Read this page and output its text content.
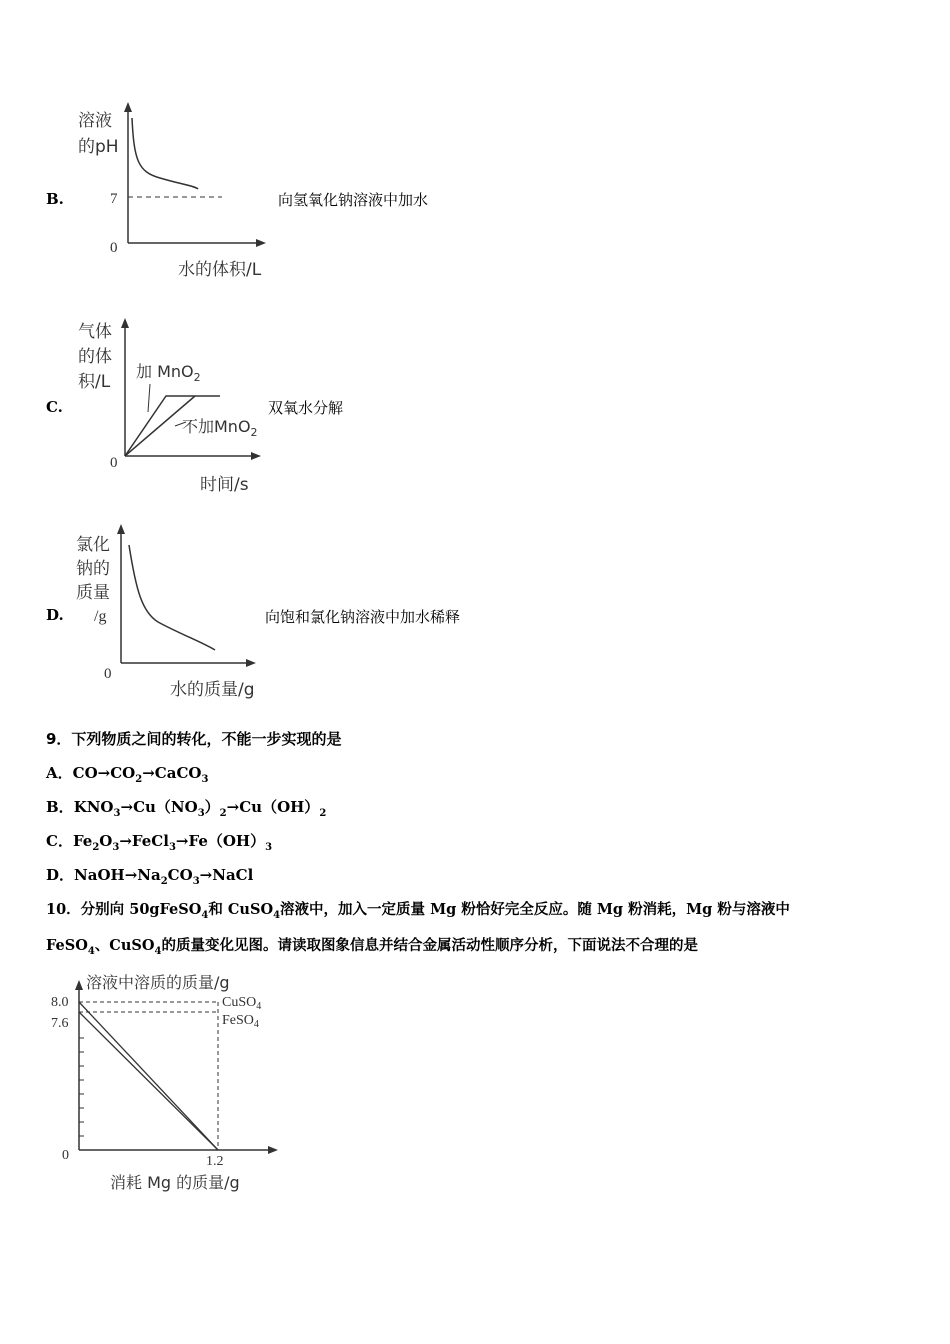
B.
溶液
的pH
7
0
水的体积/L
向氢氧化钠溶液中加水
C.
气体
的体
积/L
0
加 MnO$_2$
不加MnO$_2$
时间/s
双氧水分解
D.
氯化
钠的
质量
/g
0
水的质量/g
向饱和氯化钠溶液中加水稀释
9．下列物质之间的转化，不能一步实现的是
A．$CO\to CO_2\to CaCO_3$
B．$KNO_3\to Cu(NO_3)_2\to Cu(OH)_2$
C．$Fe_2O_3\to FeCl_3\to Fe(OH)_3$
D．$NaOH\to Na_2CO_3\to NaCl$
10．分别向 50gFeSO$_4$和 CuSO$_4$溶液中，加入一定质量 Mg 粉恰好完全反应。随 Mg 粉消耗，Mg 粉与溶液中
FeSO$_4$、CuSO$_4$的质量变化见图。请读取图象信息并结合金属活动性顺序分析，下面说法不合理的是
溶液中溶质的质量/g
8.0
7.6
0	1.2
CuSO$_4$
FeSO$_4$
消耗 Mg 的质量/g
